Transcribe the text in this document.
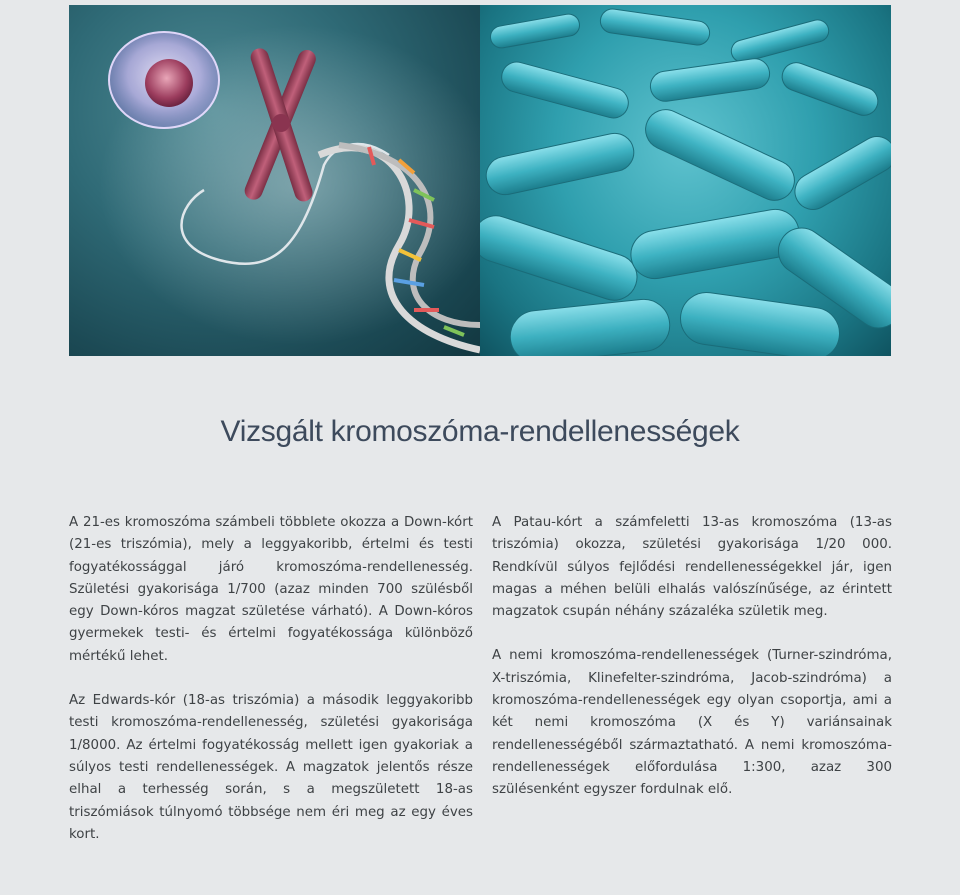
Vizsgált kromoszóma-rendellenességek

A 21-es kromoszóma számbeli többlete okozza a Down-kórt (21-es triszómia), mely a leggyakoribb, értelmi és testi fogyatékossággal járó kromoszóma-rendellenesség. Születési gyakorisága 1/700 (azaz minden 700 szülésből egy Down-kóros magzat születése várható). A Down-kóros gyermekek testi- és értelmi fogyatékossága különböző mértékű lehet.

Az Edwards-kór (18-as triszómia) a második leggyakoribb testi kromoszóma-rendellenesség, születési gyakorisága 1/8000. Az értelmi fogyatékosság mellett igen gyakoriak a súlyos testi rendellenességek. A magzatok jelentős része elhal a terhesség során, s a megszületett 18-as triszómiások túlnyomó többsége nem éri meg az egy éves kort.

A Patau-kórt a számfeletti 13-as kromoszóma (13-as triszómia) okozza, születési gyakorisága 1/20 000. Rendkívül súlyos fejlődési rendellenességekkel jár, igen magas a méhen belüli elhalás valószínűsége, az érintett magzatok csupán néhány százaléka születik meg.

A nemi kromoszóma-rendellenességek (Turner-szindróma, X-triszómia, Klinefelter-szindróma, Jacob-szindróma) a kromoszóma-rendellenességek egy olyan csoportja, ami a két nemi kromoszóma (X és Y) variánsainak rendellenességéből származtatható. A nemi kromoszóma-rendellenességek előfordulása 1:300, azaz 300 szülésenként egyszer fordulnak elő.
